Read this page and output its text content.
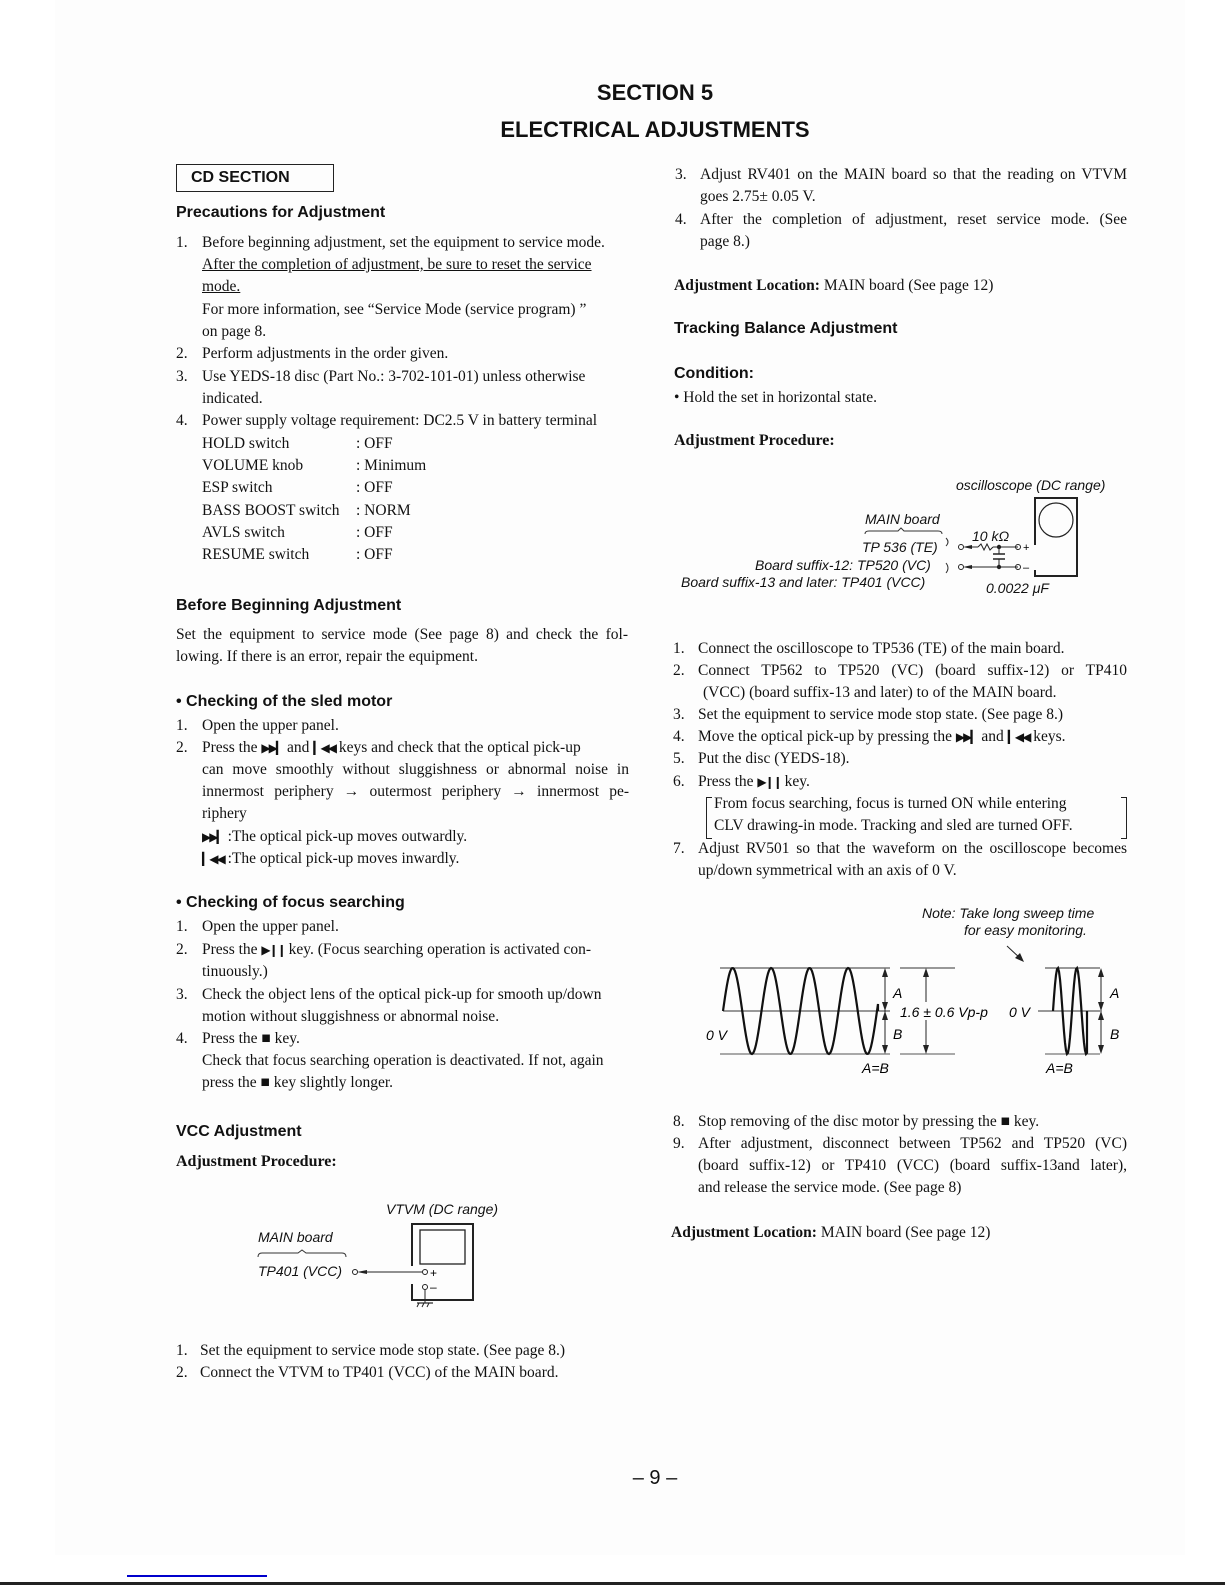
SECTION 5
ELECTRICAL ADJUSTMENTS
CD SECTION
Precautions for Adjustment
1. Before beginning adjustment, set the equipment to service mode.
After the completion of adjustment, be sure to reset the service
mode.
For more information, see “Service Mode (service program) ”
on page 8.
2. Perform adjustments in the order given.
3. Use YEDS-18 disc (Part No.: 3-702-101-01) unless otherwise
indicated.
4. Power supply voltage requirement: DC2.5 V in battery terminal
HOLD switch	: OFF
VOLUME knob	: Minimum
ESP switch	: OFF
BASS BOOST switch : NORM
AVLS switch	: OFF
RESUME switch	: OFF
Before Beginning Adjustment
Set the equipment to service mode (See page 8) and check the fol-
lowing. If there is an error, repair the equipment.
• Checking of the sled motor
1. Open the upper panel.
2. Press the ▶▶▎ and ▎◀◀ keys and check that the optical pick-up
can move smoothly without sluggishness or abnormal noise in
innermost periphery → outermost periphery → innermost pe-
riphery
▶▶▎ :The optical pick-up moves outwardly.
▎◀◀ :The optical pick-up moves inwardly.
• Checking of focus searching
1. Open the upper panel.
2. Press the ▶❙❙ key. (Focus searching operation is activated con-
tinuously.)
3. Check the object lens of the optical pick-up for smooth up/down
motion without sluggishness or abnormal noise.
4. Press the ■ key.
Check that focus searching operation is deactivated. If not, again
press the ■ key slightly longer.
VCC Adjustment
Adjustment Procedure:
VTVM (DC range)
MAIN board
TP401 (VCC)	+
–
1. Set the equipment to service mode stop state. (See page 8.)
2. Connect the VTVM to TP401 (VCC) of the MAIN board.
3. Adjust RV401 on the MAIN board so that the reading on VTVM
goes 2.75± 0.05 V.
4. After the completion of adjustment, reset service mode. (See
page 8.)
Adjustment Location: MAIN board (See page 12)
Tracking Balance Adjustment
Condition:
• Hold the set in horizontal state.
Adjustment Procedure:
oscilloscope (DC range)
MAIN board
TP 536 (TE)
Board suffix-12: TP520 (VC)
Board suffix-13 and later: TP401 (VCC)
10 kΩ
0.0022 μF
+
–
1. Connect the oscilloscope to TP536 (TE) of the main board.
2. Connect TP562 to TP520 (VC) (board suffix-12) or TP410
(VCC) (board suffix-13 and later) to of the MAIN board.
3. Set the equipment to service mode stop state. (See page 8.)
4. Move the optical pick-up by pressing the ▶▶▎ and ▎◀◀ keys.
5. Put the disc (YEDS-18).
6. Press the ▶❙❙ key.
From focus searching, focus is turned ON while entering
CLV drawing-in mode. Tracking and sled are turned OFF.
7. Adjust RV501 so that the waveform on the oscilloscope becomes
up/down symmetrical with an axis of 0 V.
Note: Take long sweep time
for easy monitoring.
A
B
0 V
1.6 ± 0.6 Vp-p
A=B
A
B
0 V
A=B
8. Stop removing of the disc motor by pressing the ■ key.
9. After adjustment, disconnect between TP562 and TP520 (VC)
(board suffix-12) or TP410 (VCC) (board suffix-13and later),
and release the service mode. (See page 8)
Adjustment Location: MAIN board (See page 12)
– 9 –
